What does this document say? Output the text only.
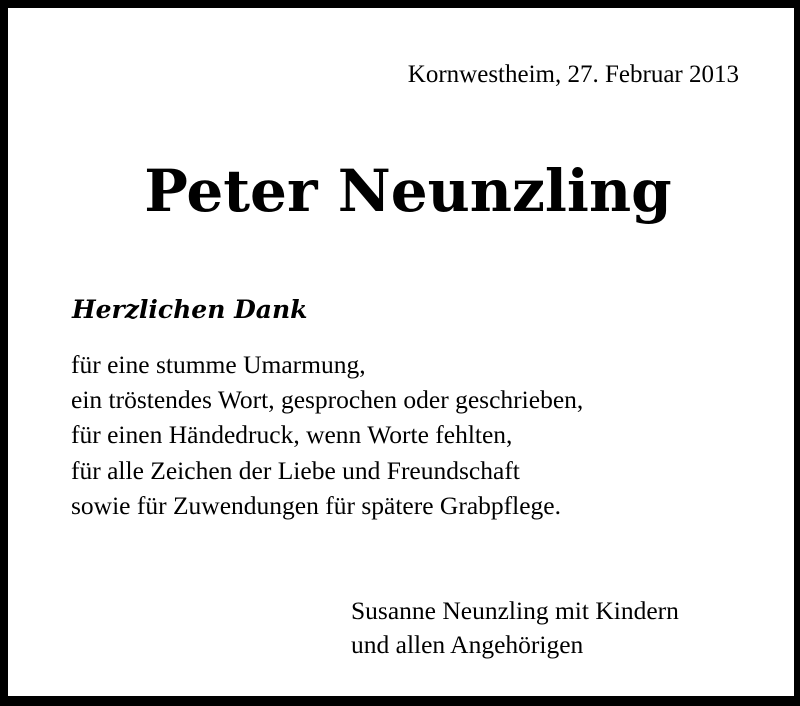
Kornwestheim, 27. Februar 2013
Peter Neunzling
Herzlichen Dank
für eine stumme Umarmung,
ein tröstendes Wort, gesprochen oder geschrieben,
für einen Händedruck, wenn Worte fehlten,
für alle Zeichen der Liebe und Freundschaft
sowie für Zuwendungen für spätere Grabpflege.
Susanne Neunzling mit Kindern
und allen Angehörigen
